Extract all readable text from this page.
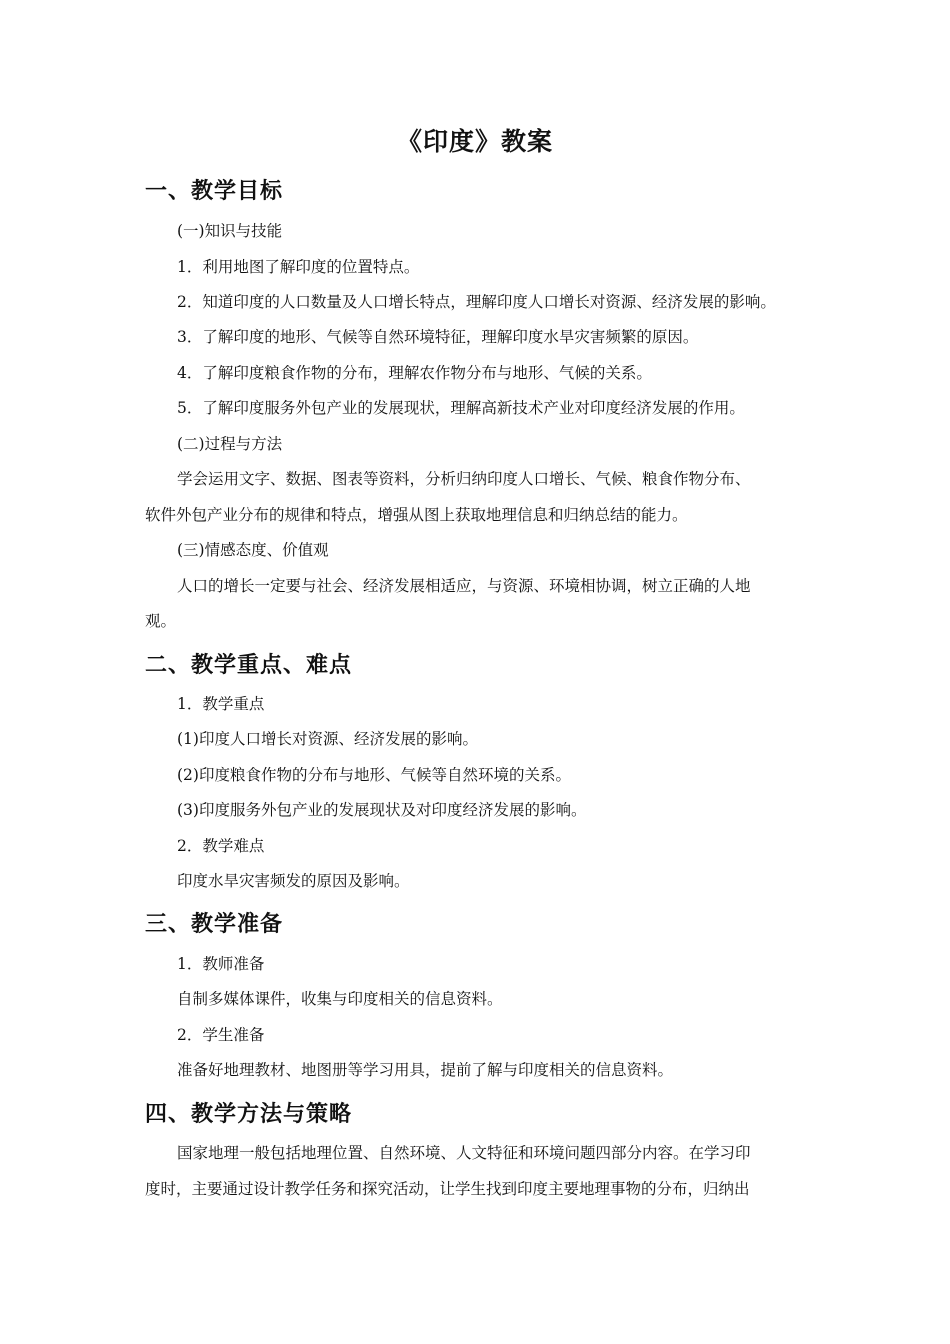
《印度》教案
一、教学目标
(一)知识与技能
1．利用地图了解印度的位置特点。
2．知道印度的人口数量及人口增长特点，理解印度人口增长对资源、经济发展的影响。
3．了解印度的地形、气候等自然环境特征，理解印度水旱灾害频繁的原因。
4．了解印度粮食作物的分布，理解农作物分布与地形、气候的关系。
5．了解印度服务外包产业的发展现状，理解高新技术产业对印度经济发展的作用。
(二)过程与方法
学会运用文字、数据、图表等资料，分析归纳印度人口增长、气候、粮食作物分布、
软件外包产业分布的规律和特点，增强从图上获取地理信息和归纳总结的能力。
(三)情感态度、价值观
人口的增长一定要与社会、经济发展相适应，与资源、环境相协调，树立正确的人地
观。
二、教学重点、难点
1．教学重点
(1)印度人口增长对资源、经济发展的影响。
(2)印度粮食作物的分布与地形、气候等自然环境的关系。
(3)印度服务外包产业的发展现状及对印度经济发展的影响。
2．教学难点
印度水旱灾害频发的原因及影响。
三、教学准备
1．教师准备
自制多媒体课件，收集与印度相关的信息资料。
2．学生准备
准备好地理教材、地图册等学习用具，提前了解与印度相关的信息资料。
四、教学方法与策略
国家地理一般包括地理位置、自然环境、人文特征和环境问题四部分内容。在学习印
度时，主要通过设计教学任务和探究活动，让学生找到印度主要地理事物的分布，归纳出
